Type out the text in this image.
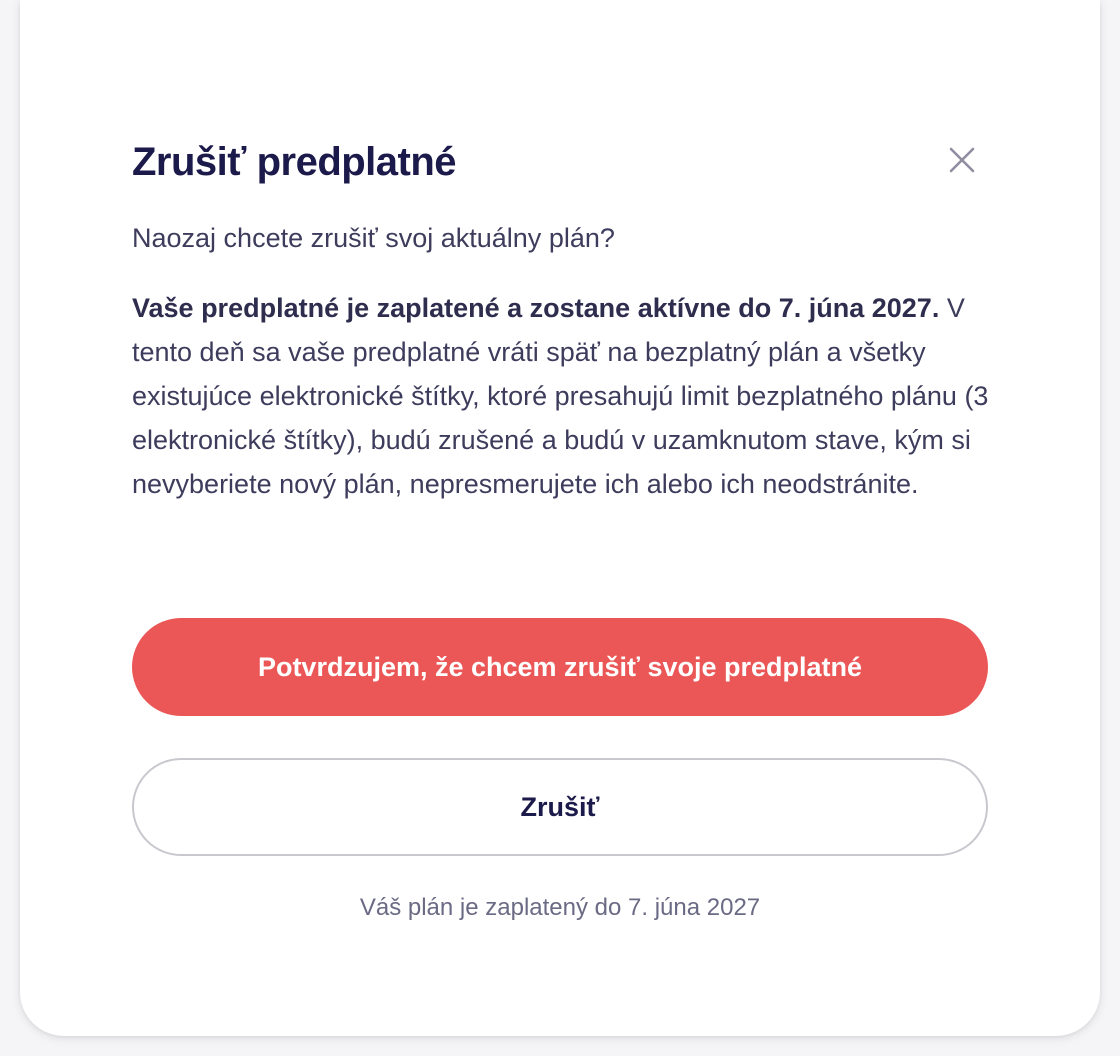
Zrušiť predplatné

Naozaj chcete zrušiť svoj aktuálny plán?

Vaše predplatné je zaplatené a zostane aktívne do 7. júna 2027. V tento deň sa vaše predplatné vráti späť na bezplatný plán a všetky existujúce elektronické štítky, ktoré presahujú limit bezplatného plánu (3 elektronické štítky), budú zrušené a budú v uzamknutom stave, kým si nevyberiete nový plán, nepresmerujete ich alebo ich neodstránite.

Potvrdzujem, že chcem zrušiť svoje predplatné
Zrušiť

Váš plán je zaplatený do 7. júna 2027
